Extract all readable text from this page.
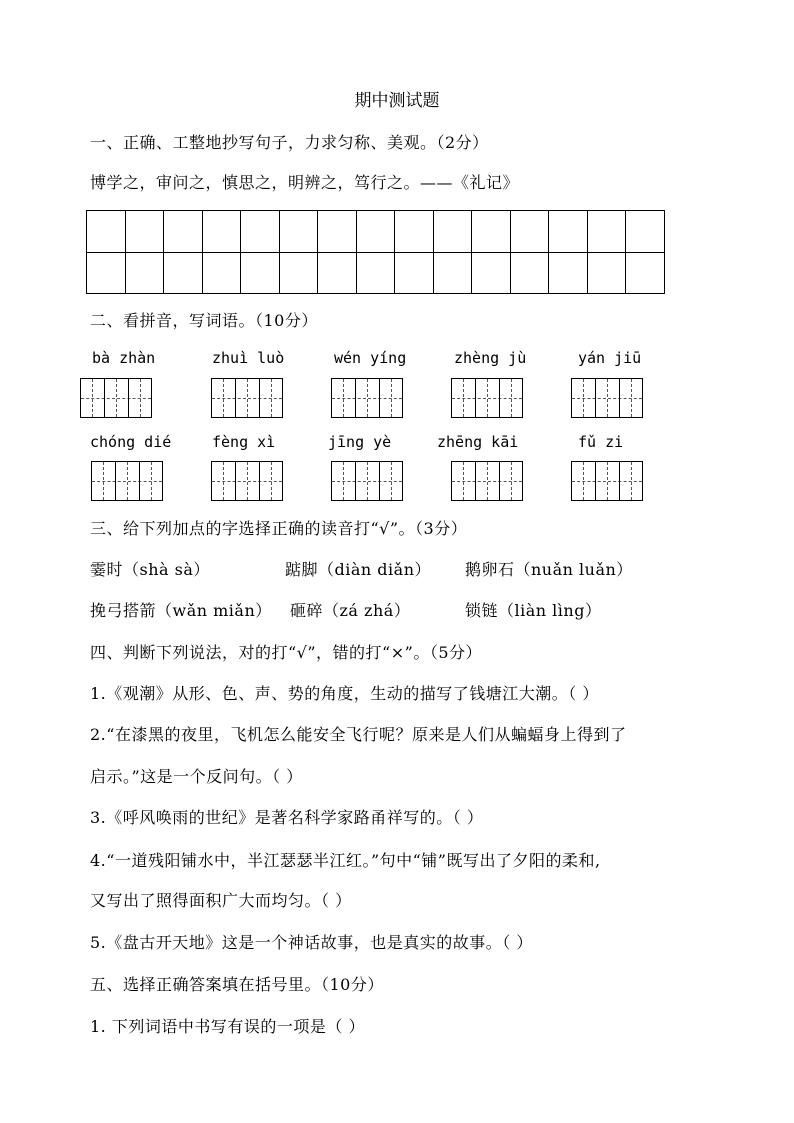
期中测试题
一、正确、工整地抄写句子，力求匀称、美观。（2分）
博学之，审问之，慎思之，明辨之，笃行之。——《礼记》

二、看拼音，写词语。（10分）
bà zhàn	zhuì luò	wén yíng	zhèng jù	yán jiū
chóng dié	fèng xì	jīng yè	zhēng kāi	fǔ zi
三、给下列加点的字选择正确的读音打“√”。（3分）
霎时（shà sà）	踮脚（diàn diǎn） 鹅卵石（nuǎn luǎn）
挽弓搭箭（wǎn miǎn） 砸碎（zá zhá）	锁链（liàn lìng）
四、判断下列说法，对的打“√”，错的打“×”。（5分）
1.《观潮》从形、色、声、势的角度，生动的描写了钱塘江大潮。（ ）
2.“在漆黑的夜里，飞机怎么能安全飞行呢？原来是人们从蝙蝠身上得到了
启示。”这是一个反问句。（ ）
3.《呼风唤雨的世纪》是著名科学家路甬祥写的。（ ）
4.“一道残阳铺水中，半江瑟瑟半江红。”句中“铺”既写出了夕阳的柔和,
又写出了照得面积广大而均匀。（ ）
5.《盘古开天地》这是一个神话故事，也是真实的故事。（ ）
五、选择正确答案填在括号里。（10分）
1. 下列词语中书写有误的一项是（ ）
